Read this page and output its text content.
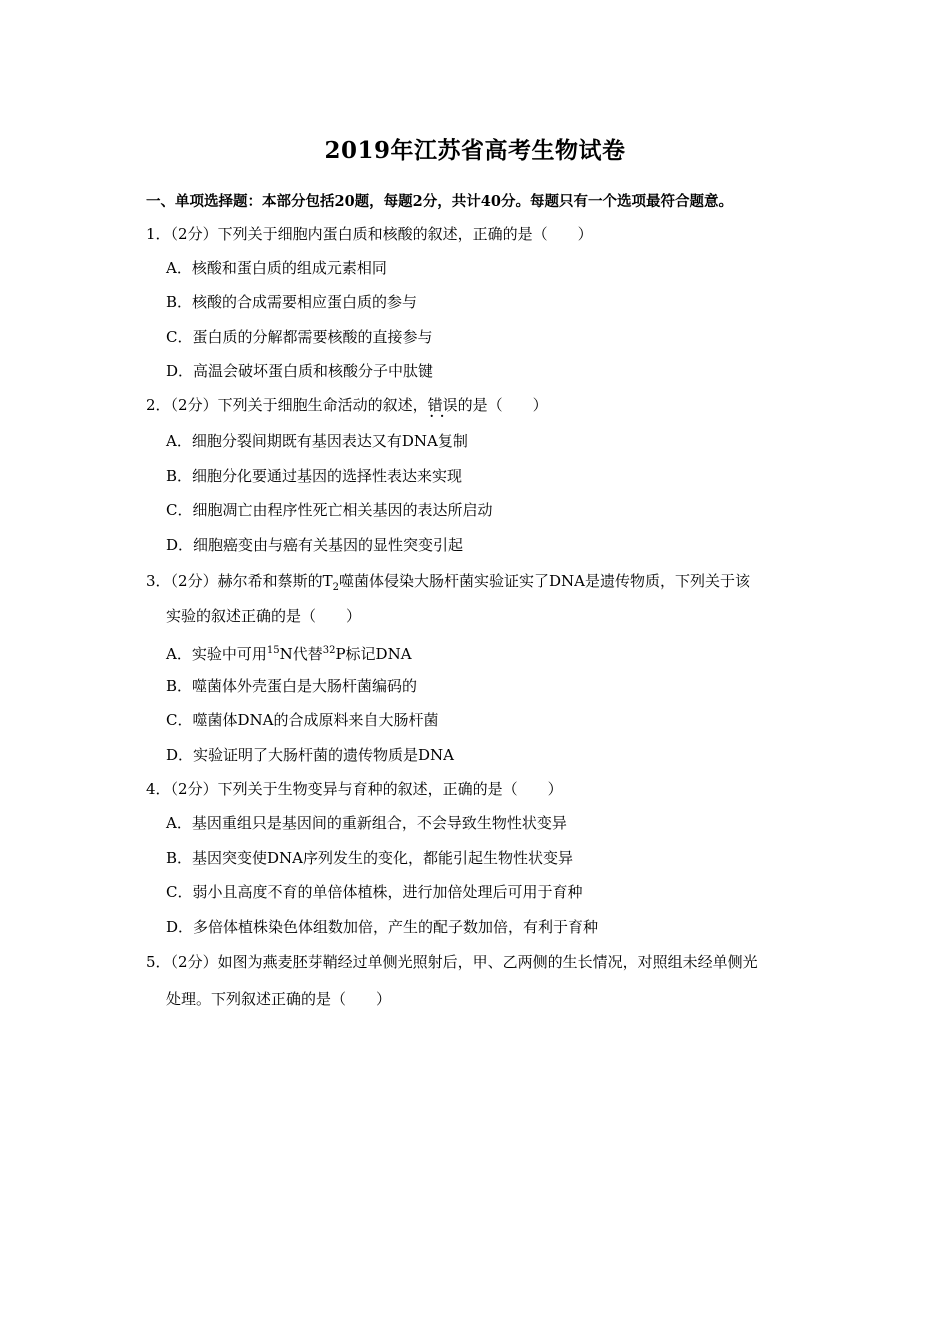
2019年江苏省高考生物试卷
一、单项选择题：本部分包括20题，每题2分，共计40分。每题只有一个选项最符合题意。
1．（2分）下列关于细胞内蛋白质和核酸的叙述，正确的是（　　）
A．核酸和蛋白质的组成元素相同
B．核酸的合成需要相应蛋白质的参与
C．蛋白质的分解都需要核酸的直接参与
D．高温会破坏蛋白质和核酸分子中肽键
2．（2分）下列关于细胞生命活动的叙述，错误 · ·的是（　　）
A．细胞分裂间期既有基因表达又有DNA复制
B．细胞分化要通过基因的选择性表达来实现
C．细胞凋亡由程序性死亡相关基因的表达所启动
D．细胞癌变由与癌有关基因的显性突变引起
3．（2分）赫尔希和蔡斯的$T_2$噬菌体侵染大肠杆菌实验证实了DNA是遗传物质，下列关于该
实验的叙述正确的是（　　）
A．实验中可用$^{15}$N代替$^{32}$P标记DNA
B．噬菌体外壳蛋白是大肠杆菌编码的
C．噬菌体DNA的合成原料来自大肠杆菌
D．实验证明了大肠杆菌的遗传物质是DNA
4．（2分）下列关于生物变异与育种的叙述，正确的是（　　）
A．基因重组只是基因间的重新组合，不会导致生物性状变异
B．基因突变使DNA序列发生的变化，都能引起生物性状变异
C．弱小且高度不育的单倍体植株，进行加倍处理后可用于育种
D．多倍体植株染色体组数加倍，产生的配子数加倍，有利于育种
5．（2分）如图为燕麦胚芽鞘经过单侧光照射后，甲、乙两侧的生长情况，对照组未经单侧光
处理。下列叙述正确的是（　　）
